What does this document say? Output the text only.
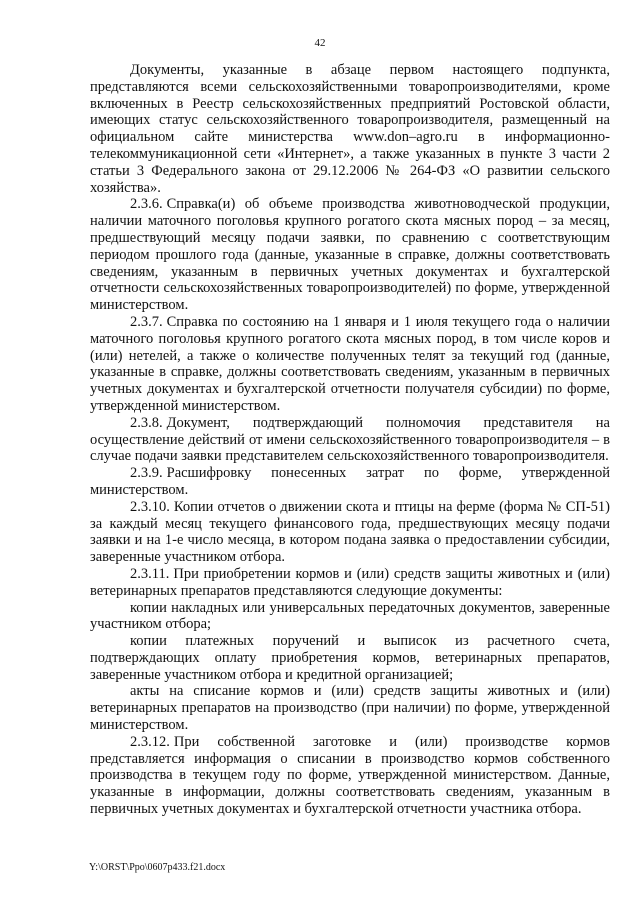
42

Документы, указанные в абзаце первом настоящего подпункта, представляются всеми сельскохозяйственными товаропроизводителями, кроме включенных в Реестр сельскохозяйственных предприятий Ростовской области, имеющих статус сельскохозяйственного товаропроизводителя, размещенный на официальном сайте министерства www.don–agro.ru в информационно-телекоммуникационной сети «Интернет», а также указанных в пункте 3 части 2 статьи 3 Федерального закона от 29.12.2006 № 264-ФЗ «О развитии сельского хозяйства».

2.3.6. Справка(и) об объеме производства животноводческой продукции, наличии маточного поголовья крупного рогатого скота мясных пород – за месяц, предшествующий месяцу подачи заявки, по сравнению с соответствующим периодом прошлого года (данные, указанные в справке, должны соответствовать сведениям, указанным в первичных учетных документах и бухгалтерской отчетности сельскохозяйственных товаропроизводителей) по форме, утвержденной министерством.

2.3.7. Справка по состоянию на 1 января и 1 июля текущего года о наличии маточного поголовья крупного рогатого скота мясных пород, в том числе коров и (или) нетелей, а также о количестве полученных телят за текущий год (данные, указанные в справке, должны соответствовать сведениям, указанным в первичных учетных документах и бухгалтерской отчетности получателя субсидии) по форме, утвержденной министерством.

2.3.8. Документ, подтверждающий полномочия представителя на осуществление действий от имени сельскохозяйственного товаропроизводителя – в случае подачи заявки представителем сельскохозяйственного товаропроизводителя.

2.3.9. Расшифровку понесенных затрат по форме, утвержденной министерством.

2.3.10. Копии отчетов о движении скота и птицы на ферме (форма № СП-51) за каждый месяц текущего финансового года, предшествующих месяцу подачи заявки и на 1-е число месяца, в котором подана заявка о предоставлении субсидии, заверенные участником отбора.

2.3.11. При приобретении кормов и (или) средств защиты животных и (или) ветеринарных препаратов представляются следующие документы:

копии накладных или универсальных передаточных документов, заверенные участником отбора;

копии платежных поручений и выписок из расчетного счета, подтверждающих оплату приобретения кормов, ветеринарных препаратов, заверенные участником отбора и кредитной организацией;

акты на списание кормов и (или) средств защиты животных и (или) ветеринарных препаратов на производство (при наличии) по форме, утвержденной министерством.

2.3.12. При собственной заготовке и (или) производстве кормов представляется информация о списании в производство кормов собственного производства в текущем году по форме, утвержденной министерством. Данные, указанные в информации, должны соответствовать сведениям, указанным в первичных учетных документах и бухгалтерской отчетности участника отбора.

Y:\ORST\Ppo\0607p433.f21.docx
